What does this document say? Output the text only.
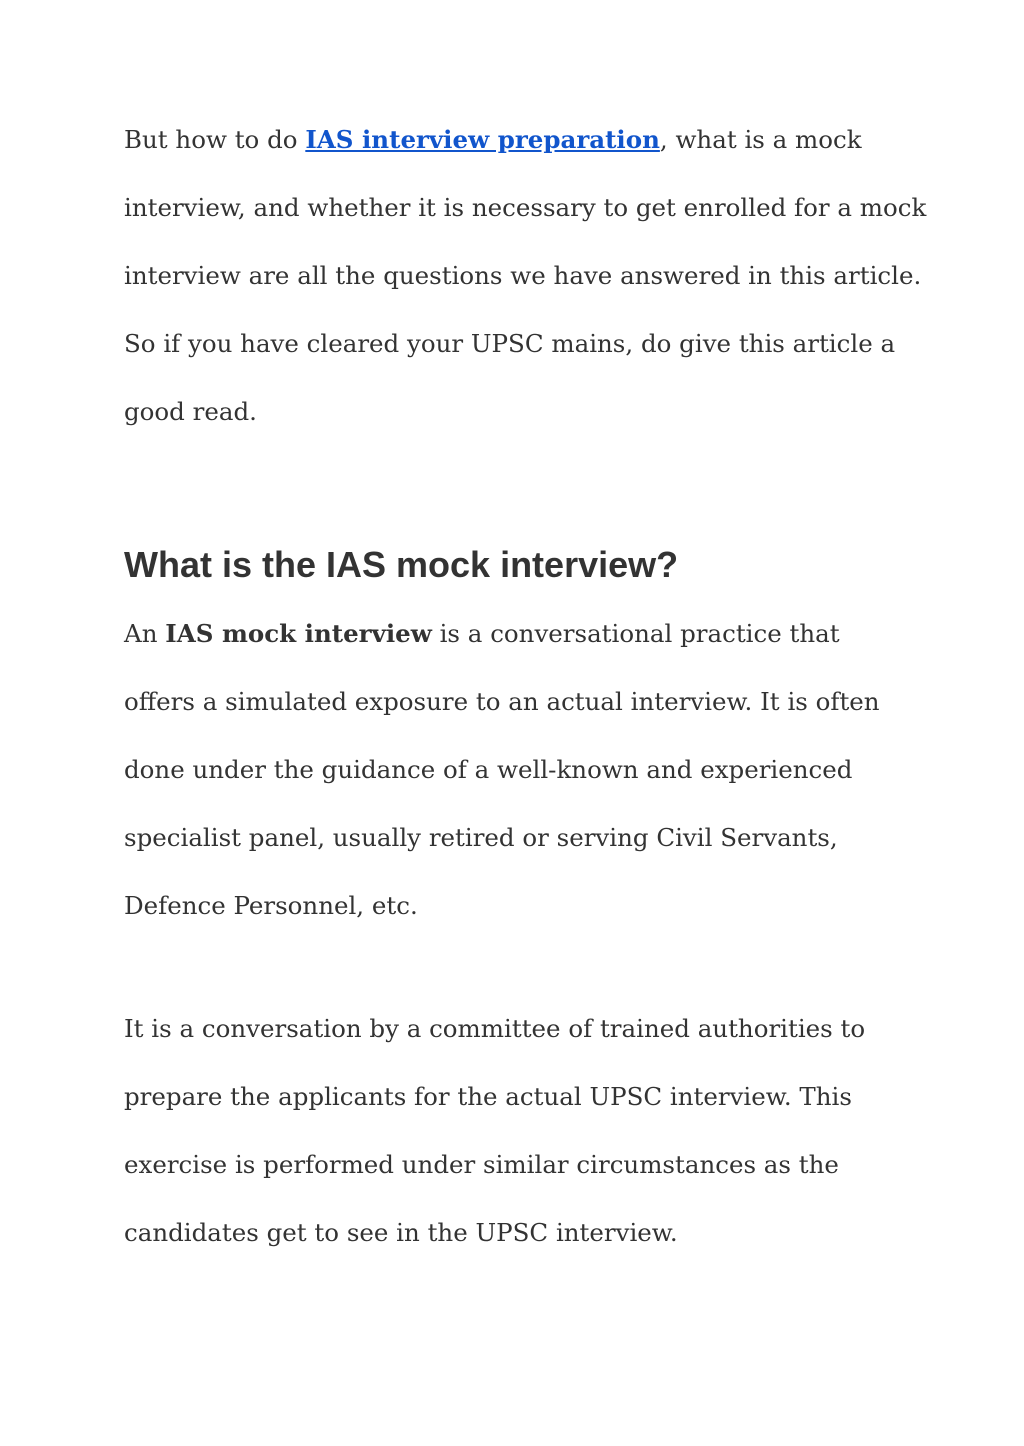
But how to do IAS interview preparation, what is a mock
interview, and whether it is necessary to get enrolled for a mock
interview are all the questions we have answered in this article.
So if you have cleared your UPSC mains, do give this article a
good read.

What is the IAS mock interview?

An IAS mock interview is a conversational practice that
offers a simulated exposure to an actual interview. It is often
done under the guidance of a well-known and experienced
specialist panel, usually retired or serving Civil Servants,
Defence Personnel, etc.

It is a conversation by a committee of trained authorities to
prepare the applicants for the actual UPSC interview. This
exercise is performed under similar circumstances as the
candidates get to see in the UPSC interview.
